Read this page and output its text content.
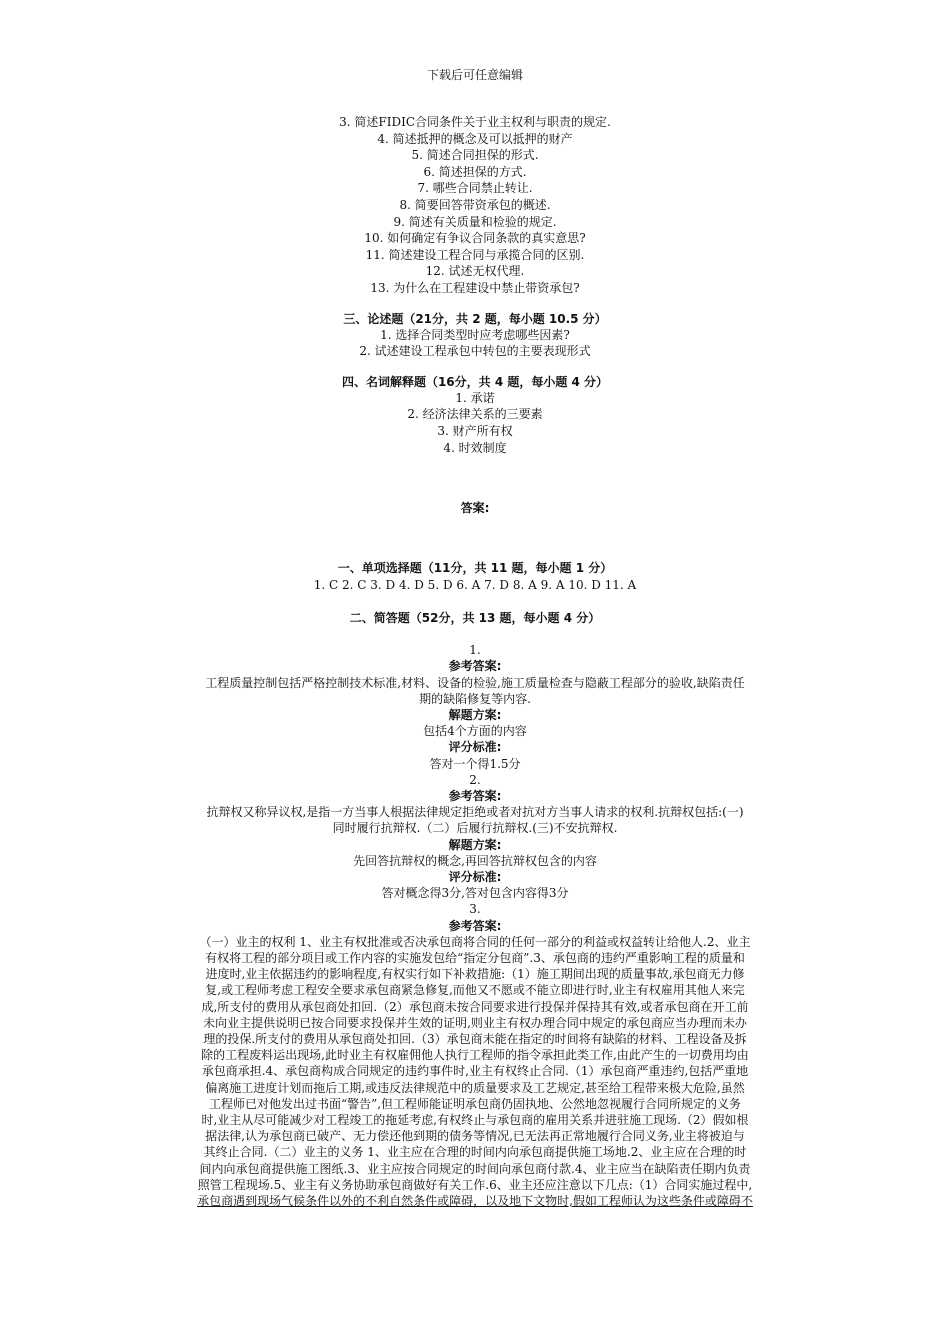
下载后可任意编辑
3. 简述FIDIC合同条件关于业主权利与职责的规定.
4. 简述抵押的概念及可以抵押的财产
5. 简述合同担保的形式.
6. 简述担保的方式.
7. 哪些合同禁止转让.
8. 简要回答带资承包的概述.
9. 简述有关质量和检验的规定.
10. 如何确定有争议合同条款的真实意思?
11. 简述建设工程合同与承揽合同的区别.
12. 试述无权代理.
13. 为什么在工程建设中禁止带资承包?
三、论述题（21分，共 2 题，每小题 10.5 分）
1. 选择合同类型时应考虑哪些因素?
2. 试述建设工程承包中转包的主要表现形式
四、名词解释题（16分，共 4 题，每小题 4 分）
1. 承诺
2. 经济法律关系的三要素
3. 财产所有权
4. 时效制度
答案:
一、单项选择题（11分，共 11 题，每小题 1 分）
1. C 2. C 3. D 4. D 5. D 6. A 7. D 8. A 9. A 10. D 11. A
二、简答题（52分，共 13 题，每小题 4 分）
1.
参考答案:
工程质量控制包括严格控制技术标准,材料、设备的检验,施工质量检查与隐蔽工程部分的验收,缺陷责任
期的缺陷修复等内容.
解题方案:
包括4个方面的内容
评分标准:
答对一个得1.5分
2.
参考答案:
抗辩权又称异议权,是指一方当事人根据法律规定拒绝或者对抗对方当事人请求的权利.抗辩权包括:(一)
同时履行抗辩权.（二）后履行抗辩权.(三)不安抗辩权.
解题方案:
先回答抗辩权的概念,再回答抗辩权包含的内容
评分标准:
答对概念得3分,答对包含内容得3分
3.
参考答案:
（一）业主的权利 1、业主有权批准或否决承包商将合同的任何一部分的利益或权益转让给他人.2、业主
有权将工程的部分项目或工作内容的实施发包给“指定分包商”.3、承包商的违约严重影响工程的质量和
进度时,业主依据违约的影响程度,有权实行如下补救措施:（1）施工期间出现的质量事故,承包商无力修
复,或工程师考虑工程安全要求承包商紧急修复,而他又不愿或不能立即进行时,业主有权雇用其他人来完
成,所支付的费用从承包商处扣回.（2）承包商未按合同要求进行投保并保持其有效,或者承包商在开工前
未向业主提供说明已按合同要求投保并生效的证明,则业主有权办理合同中规定的承包商应当办理而未办
理的投保.所支付的费用从承包商处扣回.（3）承包商未能在指定的时间将有缺陷的材料、工程设备及拆
除的工程废料运出现场,此时业主有权雇佣他人执行工程师的指令承担此类工作,由此产生的一切费用均由
承包商承担.4、承包商构成合同规定的违约事件时,业主有权终止合同.（1）承包商严重违约,包括严重地
偏离施工进度计划而拖后工期,或违反法律规范中的质量要求及工艺规定,甚至给工程带来极大危险,虽然
工程师已对他发出过书面“警告”,但工程师能证明承包商仍固执地、公然地忽视履行合同所规定的义务
时,业主从尽可能减少对工程竣工的拖延考虑,有权终止与承包商的雇用关系并进驻施工现场.（2）假如根
据法律,认为承包商已破产、无力偿还他到期的债务等情况,已无法再正常地履行合同义务,业主将被迫与
其终止合同.（二）业主的义务 1、业主应在合理的时间内向承包商提供施工场地.2、业主应在合理的时
间内向承包商提供施工图纸.3、业主应按合同规定的时间向承包商付款.4、业主应当在缺陷责任期内负责
照管工程现场.5、业主有义务协助承包商做好有关工作.6、业主还应注意以下几点:（1）合同实施过程中,
承包商遇到现场气候条件以外的不利自然条件或障碍，以及地下文物时,假如工程师认为这些条件或障碍不
